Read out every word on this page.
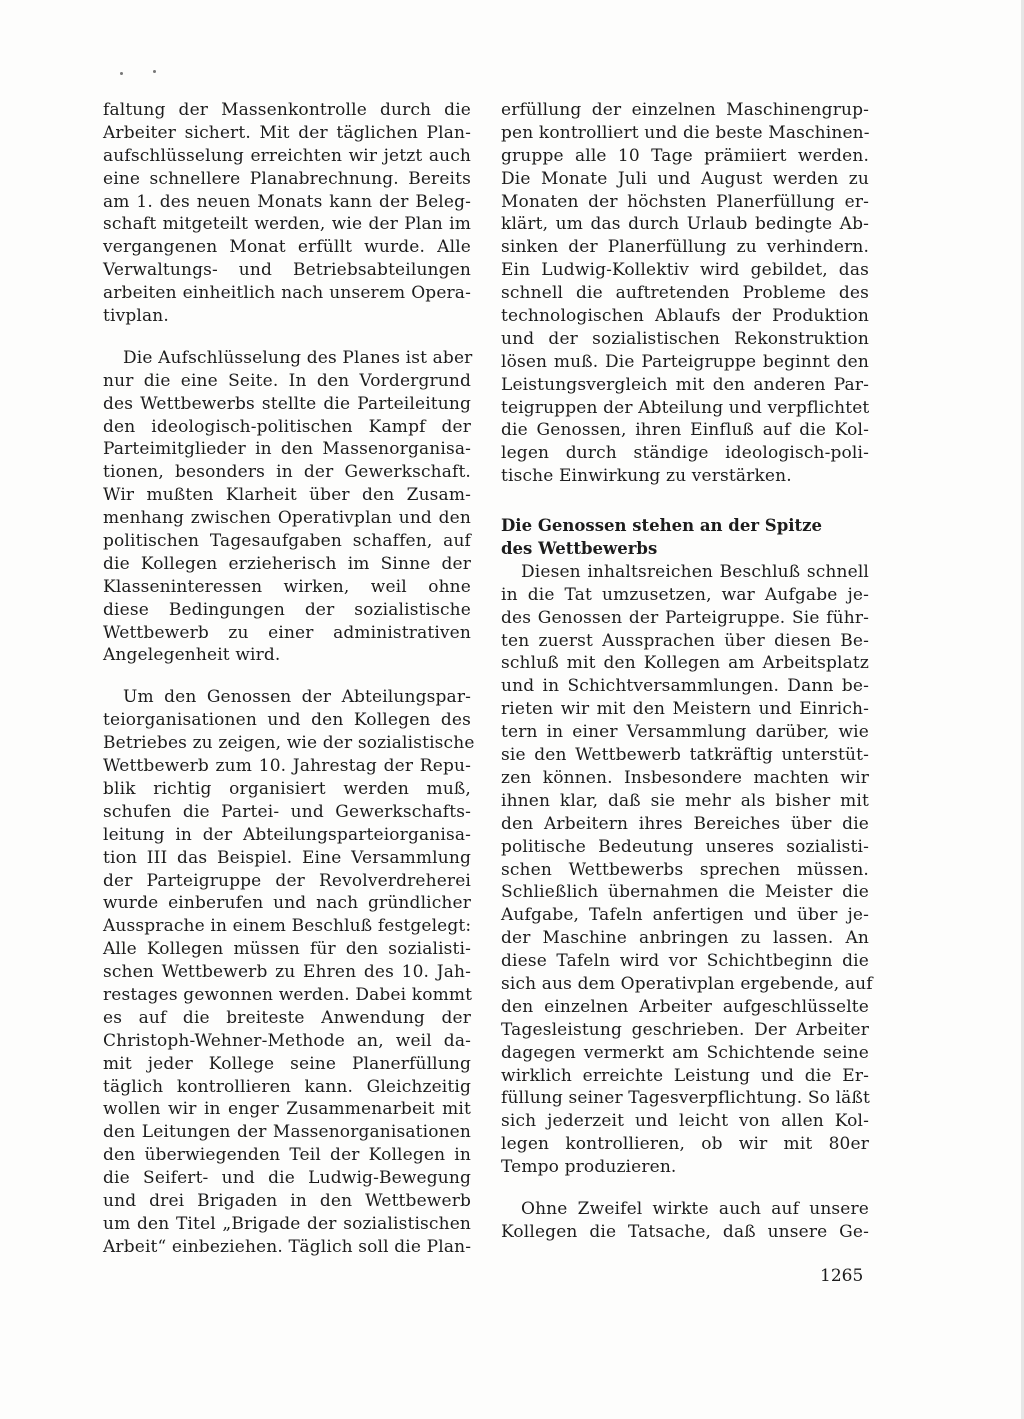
faltung der Massenkontrolle durch die
Arbeiter sichert. Mit der täglichen Plan-
aufschlüsselung erreichten wir jetzt auch
eine schnellere Planabrechnung. Bereits
am 1. des neuen Monats kann der Beleg-
schaft mitgeteilt werden, wie der Plan im
vergangenen Monat erfüllt wurde. Alle
Verwaltungs- und Betriebsabteilungen
arbeiten einheitlich nach unserem Opera-
tivplan.
Die Aufschlüsselung des Planes ist aber
nur die eine Seite. In den Vordergrund
des Wettbewerbs stellte die Parteileitung
den ideologisch-politischen Kampf der
Parteimitglieder in den Massenorganisa-
tionen, besonders in der Gewerkschaft.
Wir mußten Klarheit über den Zusam-
menhang zwischen Operativplan und den
politischen Tagesaufgaben schaffen, auf
die Kollegen erzieherisch im Sinne der
Klasseninteressen wirken, weil ohne
diese Bedingungen der sozialistische
Wettbewerb zu einer administrativen
Angelegenheit wird.
Um den Genossen der Abteilungspar-
teiorganisationen und den Kollegen des
Betriebes zu zeigen, wie der sozialistische
Wettbewerb zum 10. Jahrestag der Repu-
blik richtig organisiert werden muß,
schufen die Partei- und Gewerkschafts-
leitung in der Abteilungsparteiorganisa-
tion III das Beispiel. Eine Versammlung
der Parteigruppe der Revolverdreherei
wurde einberufen und nach gründlicher
Aussprache in einem Beschluß festgelegt:
Alle Kollegen müssen für den sozialisti-
schen Wettbewerb zu Ehren des 10. Jah-
restages gewonnen werden. Dabei kommt
es auf die breiteste Anwendung der
Christoph-Wehner-Methode an, weil da-
mit jeder Kollege seine Planerfüllung
täglich kontrollieren kann. Gleichzeitig
wollen wir in enger Zusammenarbeit mit
den Leitungen der Massenorganisationen
den überwiegenden Teil der Kollegen in
die Seifert- und die Ludwig-Bewegung
und drei Brigaden in den Wettbewerb
um den Titel „Brigade der sozialistischen
Arbeit“ einbeziehen. Täglich soll die Plan-
erfüllung der einzelnen Maschinengrup-
pen kontrolliert und die beste Maschinen-
gruppe alle 10 Tage prämiiert werden.
Die Monate Juli und August werden zu
Monaten der höchsten Planerfüllung er-
klärt, um das durch Urlaub bedingte Ab-
sinken der Planerfüllung zu verhindern.
Ein Ludwig-Kollektiv wird gebildet, das
schnell die auftretenden Probleme des
technologischen Ablaufs der Produktion
und der sozialistischen Rekonstruktion
lösen muß. Die Parteigruppe beginnt den
Leistungsvergleich mit den anderen Par-
teigruppen der Abteilung und verpflichtet
die Genossen, ihren Einfluß auf die Kol-
legen durch ständige ideologisch-poli-
tische Einwirkung zu verstärken.
Die Genossen stehen an der Spitze
des Wettbewerbs
Diesen inhaltsreichen Beschluß schnell
in die Tat umzusetzen, war Aufgabe je-
des Genossen der Parteigruppe. Sie führ-
ten zuerst Aussprachen über diesen Be-
schluß mit den Kollegen am Arbeitsplatz
und in Schichtversammlungen. Dann be-
rieten wir mit den Meistern und Einrich-
tern in einer Versammlung darüber, wie
sie den Wettbewerb tatkräftig unterstüt-
zen können. Insbesondere machten wir
ihnen klar, daß sie mehr als bisher mit
den Arbeitern ihres Bereiches über die
politische Bedeutung unseres sozialisti-
schen Wettbewerbs sprechen müssen.
Schließlich übernahmen die Meister die
Aufgabe, Tafeln anfertigen und über je-
der Maschine anbringen zu lassen. An
diese Tafeln wird vor Schichtbeginn die
sich aus dem Operativplan ergebende, auf
den einzelnen Arbeiter aufgeschlüsselte
Tagesleistung geschrieben. Der Arbeiter
dagegen vermerkt am Schichtende seine
wirklich erreichte Leistung und die Er-
füllung seiner Tagesverpflichtung. So läßt
sich jederzeit und leicht von allen Kol-
legen kontrollieren, ob wir mit 80er
Tempo produzieren.
Ohne Zweifel wirkte auch auf unsere
Kollegen die Tatsache, daß unsere Ge-
1265
